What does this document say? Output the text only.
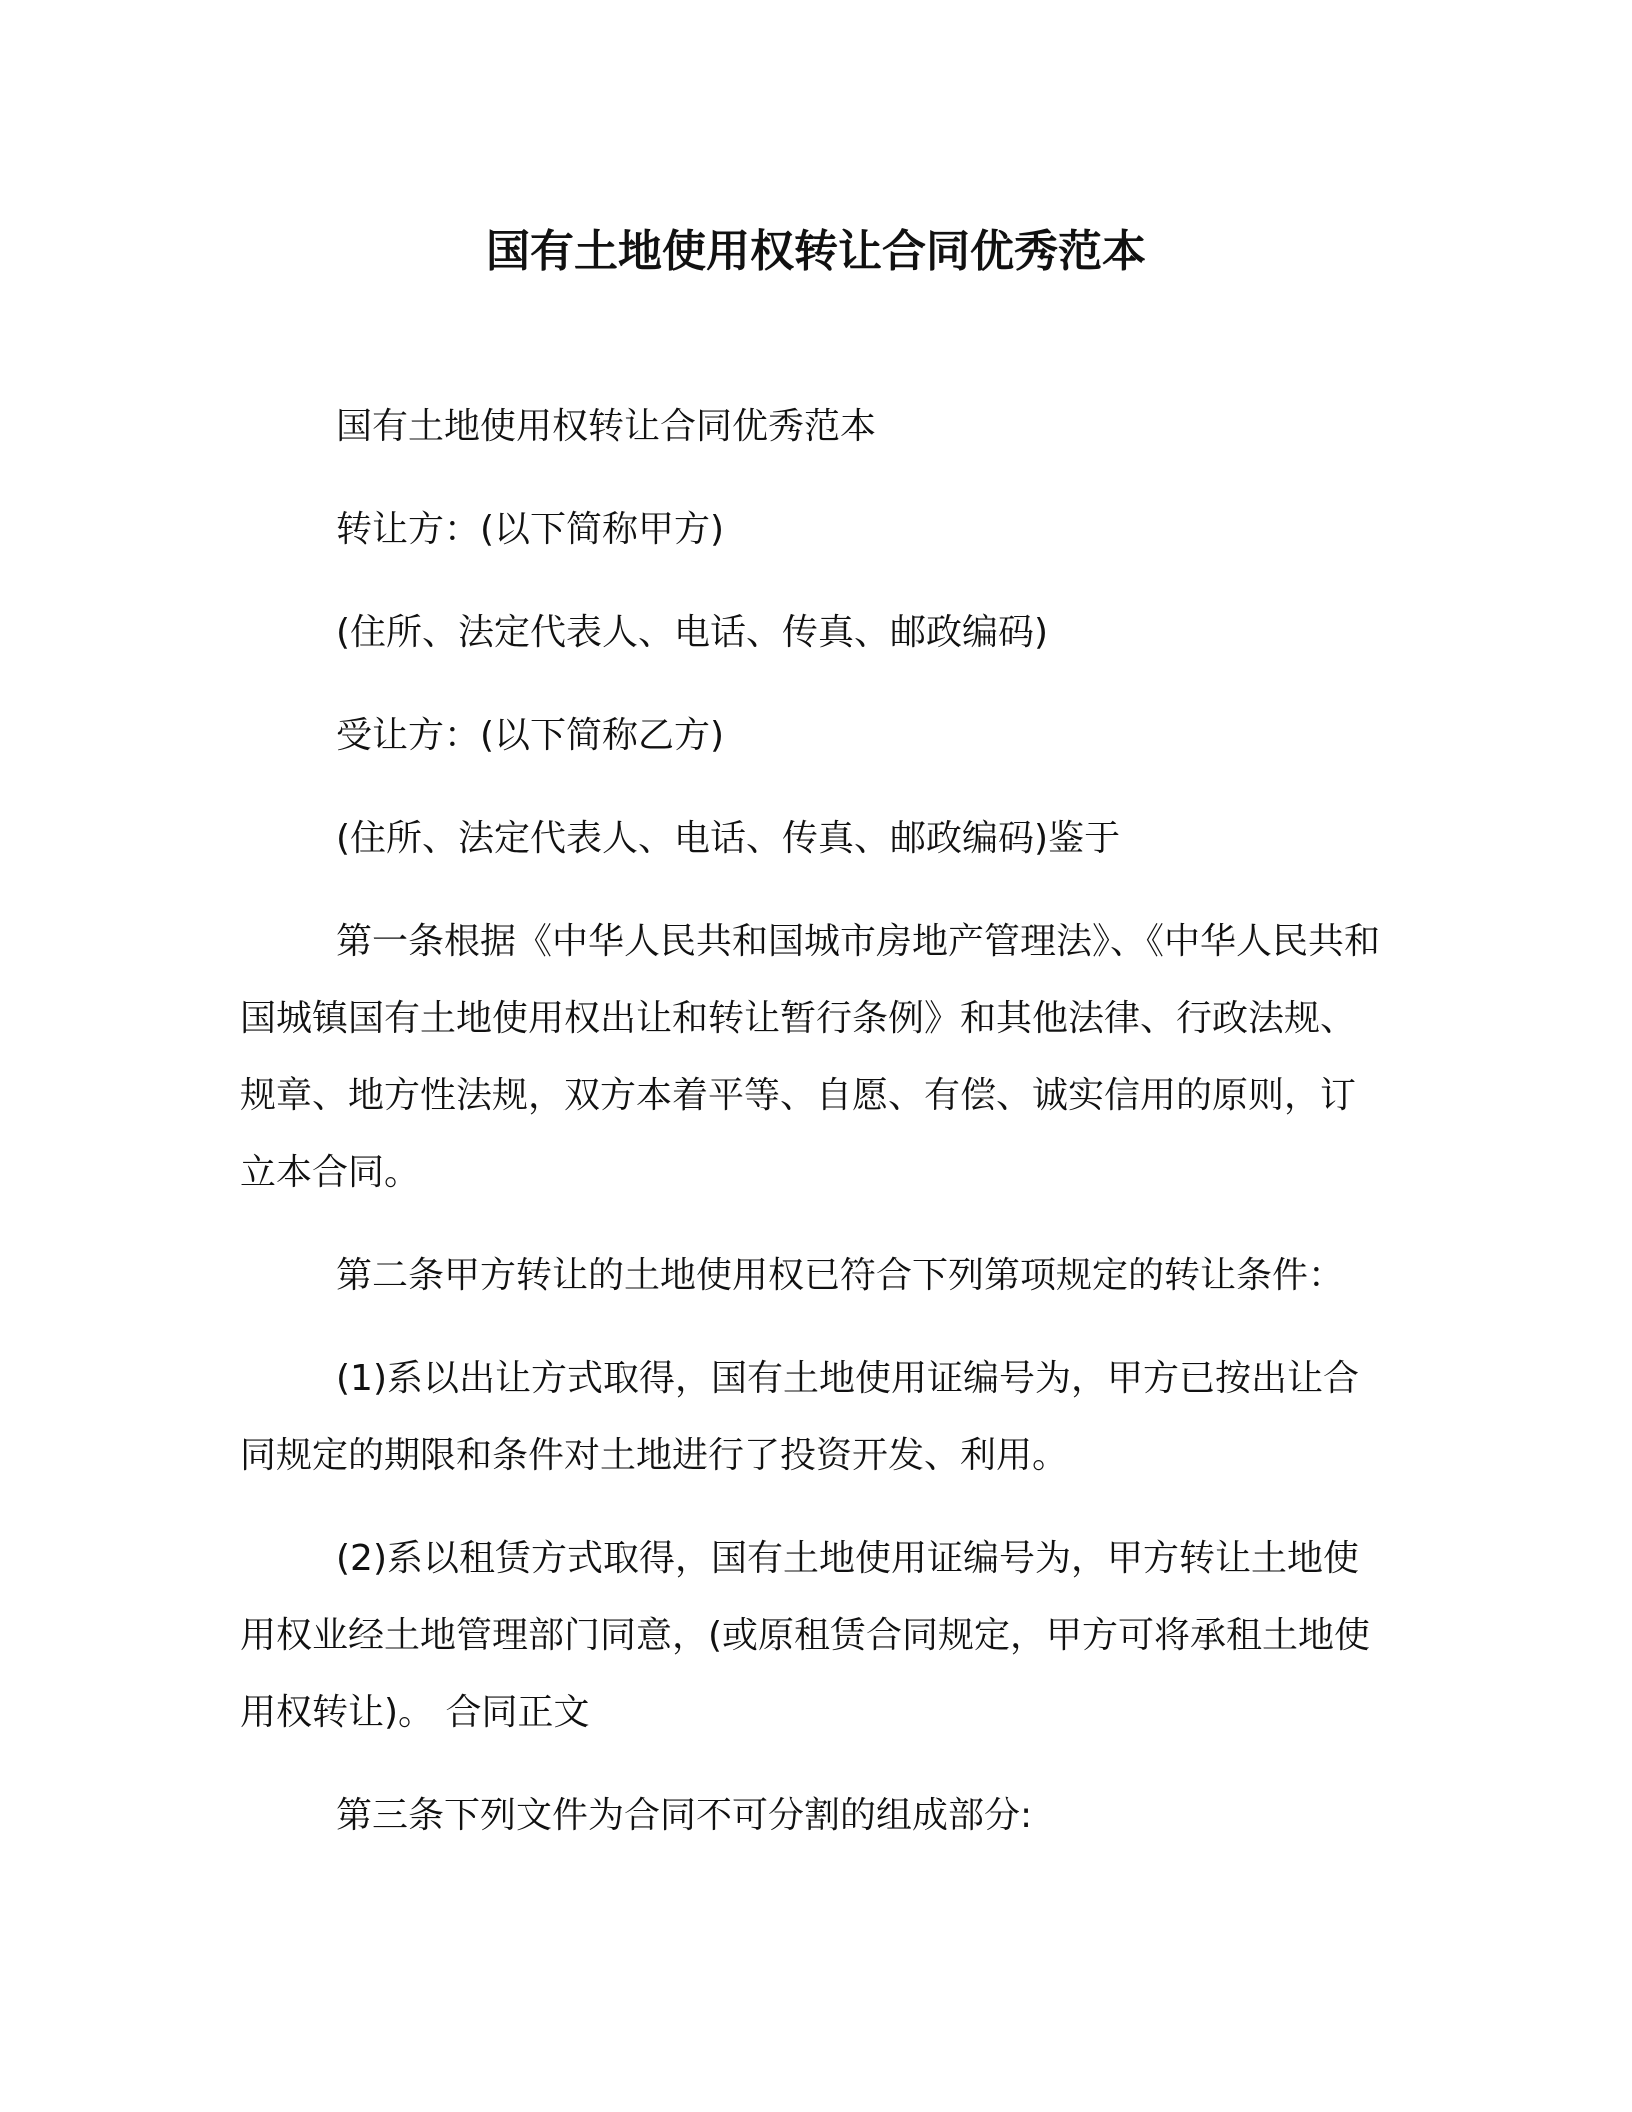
国有土地使用权转让合同优秀范本

国有土地使用权转让合同优秀范本

转让方：(以下简称甲方)

(住所、法定代表人、电话、传真、邮政编码)

受让方：(以下简称乙方)

(住所、法定代表人、电话、传真、邮政编码)鉴于

第一条根据《中华人民共和国城市房地产管理法》、《中华人民共和国城镇国有土地使用权出让和转让暂行条例》和其他法律、行政法规、规章、地方性法规，双方本着平等、自愿、有偿、诚实信用的原则，订立本合同。

第二条甲方转让的土地使用权已符合下列第项规定的转让条件：

(1)系以出让方式取得，国有土地使用证编号为，甲方已按出让合同规定的期限和条件对土地进行了投资开发、利用。

(2)系以租赁方式取得，国有土地使用证编号为，甲方转让土地使用权业经土地管理部门同意，(或原租赁合同规定，甲方可将承租土地使用权转让)。 合同正文

第三条下列文件为合同不可分割的组成部分:
